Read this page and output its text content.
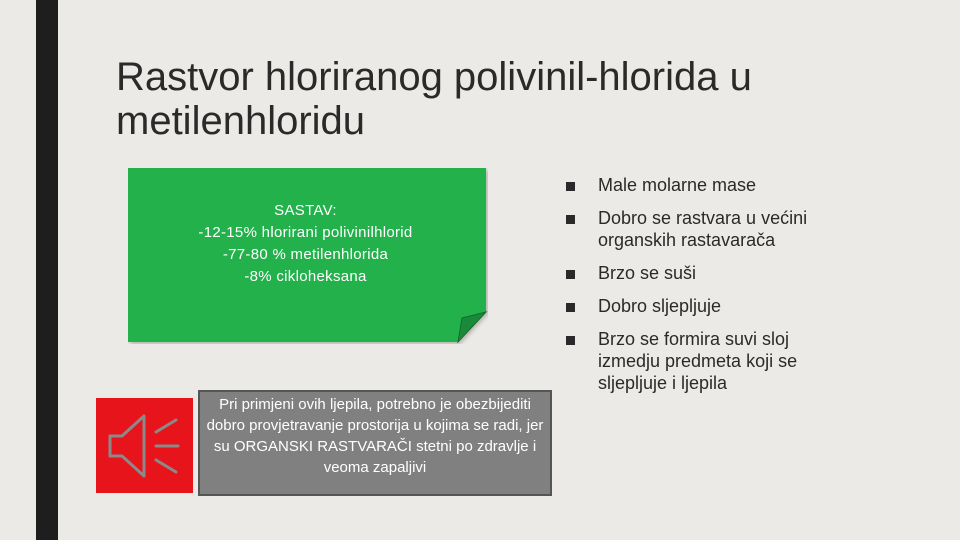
Rastvor hloriranog polivinil-hlorida u metilenhloridu
SASTAV:
-12-15% hlorirani polivinilhlorid
-77-80 % metilenhlorida
-8% cikloheksana
Male molarne mase
Dobro se rastvara u većini organskih rastavarača
Brzo se suši
Dobro sljepljuje
Brzo se formira suvi sloj izmedju predmeta koji se sljepljuje i ljepila
Pri primjeni ovih ljepila, potrebno je obezbijediti dobro provjetravanje prostorija u kojima se radi, jer su ORGANSKI RASTVARAČI stetni po zdravlje i veoma zapaljivi
